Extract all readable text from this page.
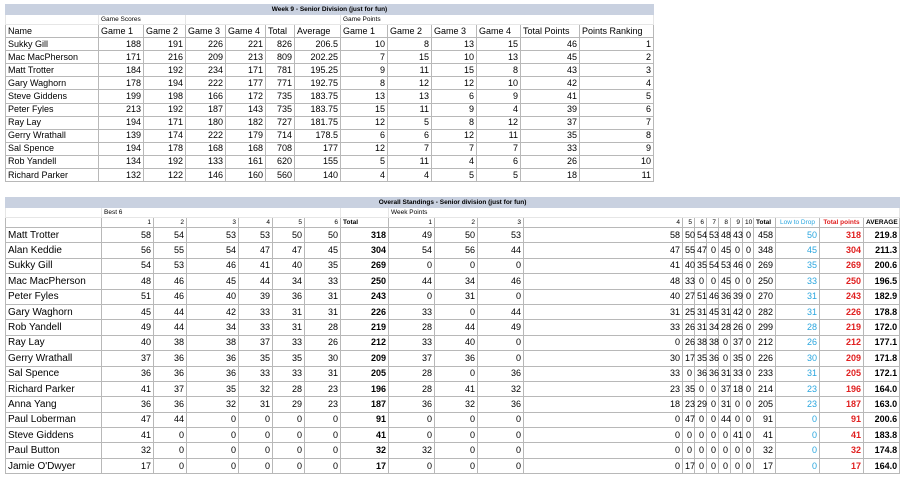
Week 9 - Senior Division (just for fun)												
	Game Scores						Game Points					
Name	Game 1	Game 2	Game 3	Game 4	Total	Average	Game 1	Game 2	Game 3	Game 4	Total Points	Points Ranking
Sukky Gill	188	191	226	221	826	206.5	10	8	13	15	46	1
Mac MacPherson	171	216	209	213	809	202.25	7	15	10	13	45	2
Matt Trotter	184	192	234	171	781	195.25	9	11	15	8	43	3
Gary Waghorn	178	194	222	177	771	192.75	8	12	12	10	42	4
Steve Giddens	199	198	166	172	735	183.75	13	13	6	9	41	5
Peter Fyles	213	192	187	143	735	183.75	15	11	9	4	39	6
Ray Lay	194	171	180	182	727	181.75	12	5	8	12	37	7
Gerry Wrathall	139	174	222	179	714	178.5	6	6	12	11	35	8
Sal Spence	194	178	168	168	708	177	12	7	7	7	33	9
Rob Yandell	134	192	133	161	620	155	5	11	4	6	26	10
Richard Parker	132	122	146	160	560	140	4	4	5	5	18	11
Overall Standings - Senior division (just for fun)																					
	Best 6							Week Points													
	1	2	3	4	5	6	Total	1	2	3	4	5	6	7	8	9	10	Total	Low to Drop	Total points	AVERAGE
Matt Trotter	58	54	53	53	50	50	318	49	50	53	58	50	54	53	48	43	0	458	50	318	219.8
Alan Keddie	56	55	54	47	47	45	304	54	56	44	47	55	47	0	45	0	0	348	45	304	211.3
Sukky Gill	54	53	46	41	40	35	269	0	0	0	41	40	35	54	53	46	0	269	35	269	200.6
Mac MacPherson	48	46	45	44	34	33	250	44	34	46	48	33	0	0	45	0	0	250	33	250	196.5
Peter Fyles	51	46	40	39	36	31	243	0	31	0	40	27	51	46	36	39	0	270	31	243	182.9
Gary Waghorn	45	44	42	33	31	31	226	33	0	44	31	25	31	45	31	42	0	282	31	226	178.8
Rob Yandell	49	44	34	33	31	28	219	28	44	49	33	26	31	34	28	26	0	299	28	219	172.0
Ray Lay	40	38	38	37	33	26	212	33	40	0	0	26	38	38	0	37	0	212	26	212	177.1
Gerry Wrathall	37	36	36	35	35	30	209	37	36	0	30	17	35	36	0	35	0	226	30	209	171.8
Sal Spence	36	36	36	33	33	31	205	28	0	36	33	0	36	36	31	33	0	233	31	205	172.1
Richard Parker	41	37	35	32	28	23	196	28	41	32	23	35	0	0	37	18	0	214	23	196	164.0
Anna Yang	36	36	32	31	29	23	187	36	32	36	18	23	29	0	31	0	0	205	23	187	163.0
Paul Loberman	47	44	0	0	0	0	91	0	0	0	0	47	0	0	44	0	0	91	0	91	200.6
Steve Giddens	41	0	0	0	0	0	41	0	0	0	0	0	0	0	0	41	0	41	0	41	183.8
Paul Button	32	0	0	0	0	0	32	32	0	0	0	0	0	0	0	0	0	32	0	32	174.8
Jamie O'Dwyer	17	0	0	0	0	0	17	0	0	0	0	17	0	0	0	0	0	17	0	17	164.0
